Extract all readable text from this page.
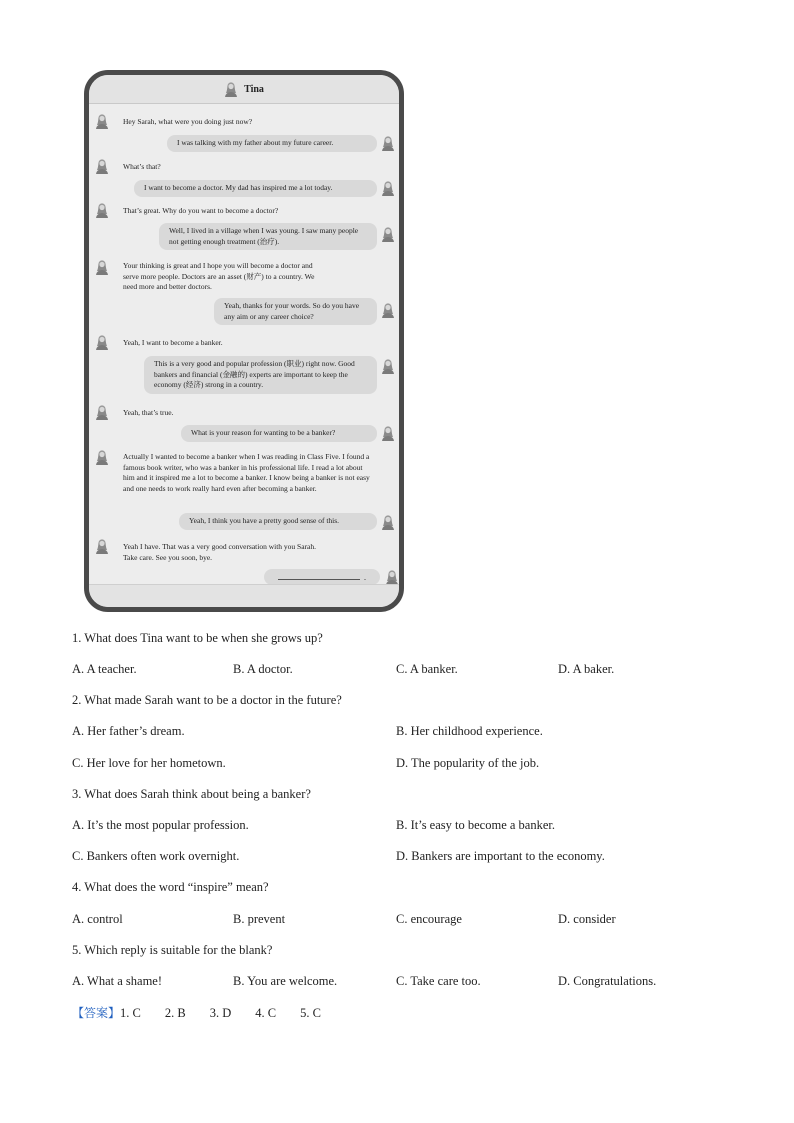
Tina
Hey Sarah, what were you doing just now?
I was talking with my father about my future career.
What’s that?
I want to become a doctor. My dad has inspired me a lot today.
That’s great. Why do you want to become a doctor?
Well, I lived in a village when I was young. I saw many people not getting enough treatment (治疗).
Your thinking is great and I hope you will become a doctor and serve more people. Doctors are an asset (财产) to a country. We need more and better doctors.
Yeah, thanks for your words. So do you have any aim or any career choice?
Yeah, I want to become a banker.
This is a very good and popular profession (职业) right now. Good bankers and financial (金融的) experts are important to keep the economy (经济) strong in a country.
Yeah, that’s true.
What is your reason for wanting to be a banker?
Actually I wanted to become a banker when I was reading in Class Five. I found a famous book writer, who was a banker in his professional life. I read a lot about him and it inspired me a lot to become a banker. I know being a banker is not easy and one needs to work really hard even after becoming a banker.
Yeah, I think you have a pretty good sense of this.
Yeah I have. That was a very good conversation with you Sarah. Take care. See you soon, bye.
.
1. What does Tina want to be when she grows up?
A. A teacher.	B. A doctor.	C. A banker.	D. A baker.
2. What made Sarah want to be a doctor in the future?
A. Her father’s dream.	B. Her childhood experience.
C. Her love for her hometown.	D. The popularity of the job.
3. What does Sarah think about being a banker?
A. It’s the most popular profession.	B. It’s easy to become a banker.
C. Bankers often work overnight.	D. Bankers are important to the economy.
4. What does the word “inspire” mean?
A. control	B. prevent	C. encourage	D. consider
5. Which reply is suitable for the blank?
A. What a shame!	B. You are welcome.	C. Take care too.	D. Congratulations.
【答案】1. C 2. B 3. D 4. C 5. C
